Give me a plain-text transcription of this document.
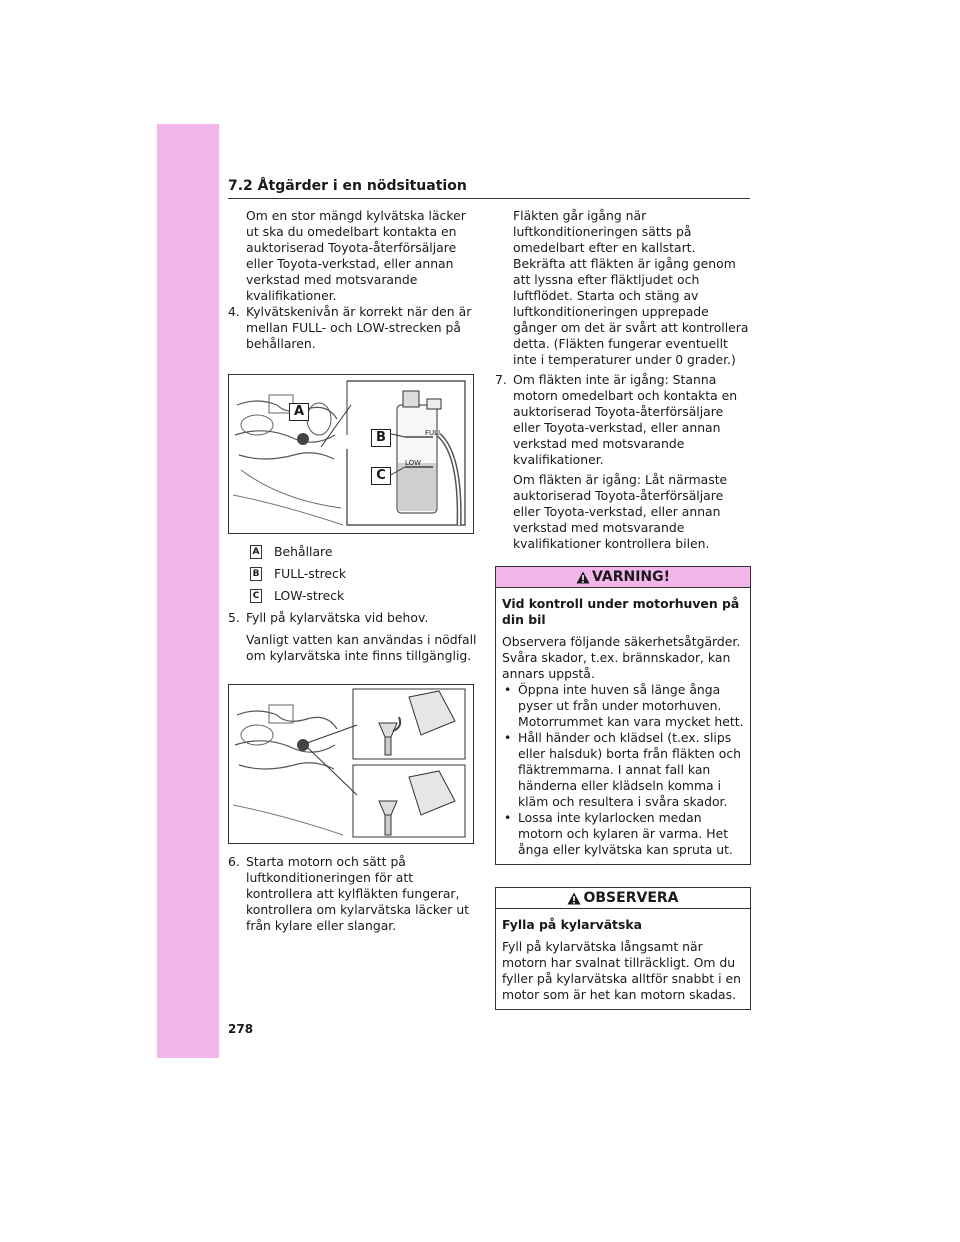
7.2 Åtgärder i en nödsituation

Om en stor mängd kylvätska läcker ut ska du omedelbart kontakta en auktoriserad Toyota-återförsäljare eller Toyota-verkstad, eller annan verkstad med motsvarande kvalifikationer.

4. Kylvätskenivån är korrekt när den är mellan FULL- och LOW-strecken på behållaren.
FULL
LOW
A
B
C
A Behållare
B FULL-streck
C LOW-streck
5. Fyll på kylarvätska vid behov.

Vanligt vatten kan användas i nödfall om kylarvätska inte finns tillgänglig.

6. Starta motorn och sätt på luftkonditioneringen för att kontrollera att kylfläkten fungerar, kontrollera om kylarvätska läcker ut från kylare eller slangar.

Fläkten går igång när luftkonditioneringen sätts på omedelbart efter en kallstart. Bekräfta att fläkten är igång genom att lyssna efter fläktljudet och luftflödet. Starta och stäng av luftkonditioneringen upprepade gånger om det är svårt att kontrollera detta. (Fläkten fungerar eventuellt inte i temperaturer under 0 grader.)

7. Om fläkten inte är igång: Stanna motorn omedelbart och kontakta en auktoriserad Toyota-återförsäljare eller Toyota-verkstad, eller annan verkstad med motsvarande kvalifikationer.

Om fläkten är igång: Låt närmaste auktoriserad Toyota-återförsäljare eller Toyota-verkstad, eller annan verkstad med motsvarande kvalifikationer kontrollera bilen.

VARNING!

Vid kontroll under motorhuven på din bil

Observera följande säkerhetsåtgärder. Svåra skador, t.ex. brännskador, kan annars uppstå.

• Öppna inte huven så länge ånga pyser ut från under motorhuven. Motorrummet kan vara mycket hett.
• Håll händer och klädsel (t.ex. slips eller halsduk) borta från fläkten och fläktremmarna. I annat fall kan händerna eller klädseln komma i kläm och resultera i svåra skador.
• Lossa inte kylarlocken medan motorn och kylaren är varma. Het ånga eller kylvätska kan spruta ut.
OBSERVERA

Fylla på kylarvätska

Fyll på kylarvätska långsamt när motorn har svalnat tillräckligt. Om du fyller på kylarvätska alltför snabbt i en motor som är het kan motorn skadas.

278
